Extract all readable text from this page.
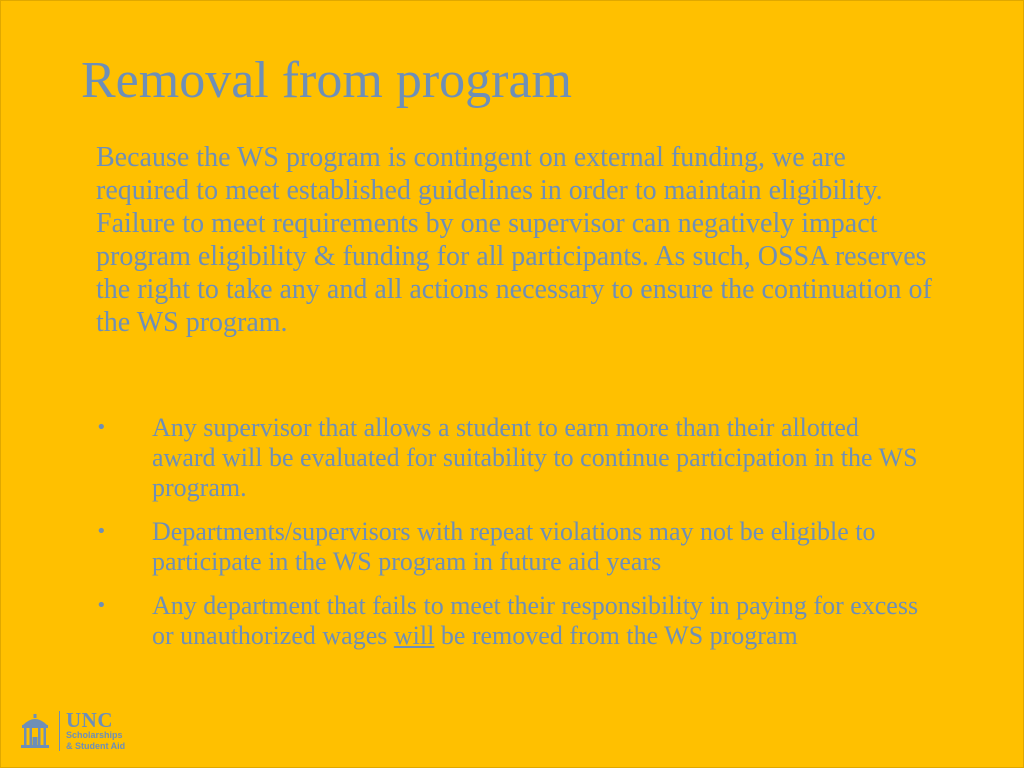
Removal from program

Because the WS program is contingent on external funding, we are required to meet established guidelines in order to maintain eligibility. Failure to meet requirements by one supervisor can negatively impact program eligibility & funding for all participants. As such, OSSA reserves the right to take any and all actions necessary to ensure the continuation of the WS program.

• Any supervisor that allows a student to earn more than their allotted award will be evaluated for suitability to continue participation in the WS program.
• Departments/supervisors with repeat violations may not be eligible to participate in the WS program in future aid years
• Any department that fails to meet their responsibility in paying for excess or unauthorized wages will be removed from the WS program
UNC
Scholarships
& Student Aid
